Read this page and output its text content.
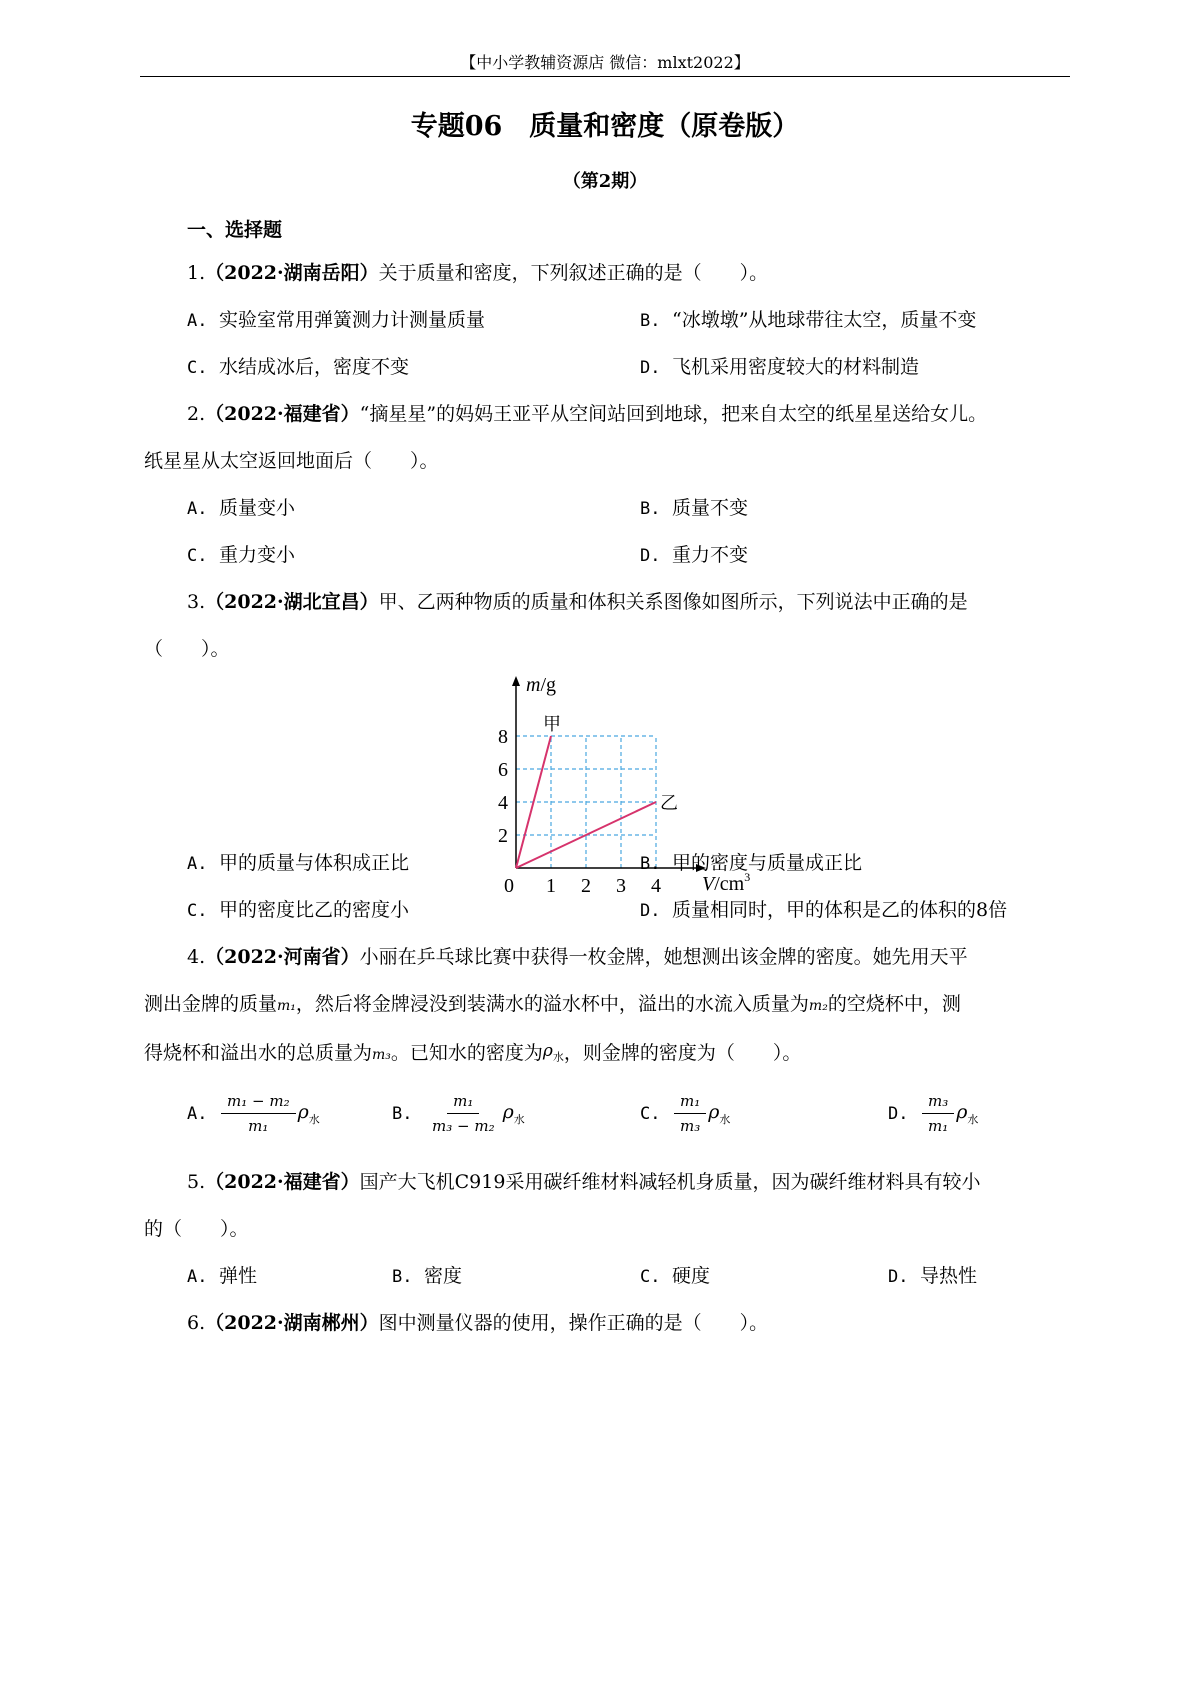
【中小学教辅资源店 微信：mlxt2022】
专题06　质量和密度（原卷版）
（第2期）
一、选择题
1.（2022·湖南岳阳）关于质量和密度，下列叙述正确的是（　　）。
A. 实验室常用弹簧测力计测量质量	B. “冰墩墩”从地球带往太空，质量不变
C. 水结成冰后，密度不变	D. 飞机采用密度较大的材料制造
2.（2022·福建省）“摘星星”的妈妈王亚平从空间站回到地球，把来自太空的纸星星送给女儿。
纸星星从太空返回地面后（　　）。
A. 质量变小	B. 质量不变
C. 重力变小	D. 重力不变
3.（2022·湖北宜昌）甲、乙两种物质的质量和体积关系图像如图所示，下列说法中正确的是
（　　）。
1 2 3 4
2
4
6
8
甲
乙
m/g
$V/cm^3$
0
A. 甲的质量与体积成正比	B. 甲的密度与质量成正比
C. 甲的密度比乙的密度小	D. 质量相同时，甲的体积是乙的体积的8倍
4.（2022·河南省）小丽在乒乓球比赛中获得一枚金牌，她想测出该金牌的密度。她先用天平
测出金牌的质量m₁，然后将金牌浸没到装满水的溢水杯中，溢出的水流入质量为m₂的空烧杯中，测
得烧杯和溢出水的总质量为m₃。已知水的密度为$\rho_水$，则金牌的密度为（　　）。
A. $\frac{\text{m₁ − m₂}}{\text{m₁}} \rho_水$	B. $\frac{\text{m₁}}{\text{m₃ − m₂}} \rho_水$	C. $\frac{\text{m₁}}{\text{m₃}} \rho_水$	D. $\frac{\text{m₃}}{\text{m₁}} \rho_水$
5.（2022·福建省）国产大飞机C919采用碳纤维材料减轻机身质量，因为碳纤维材料具有较小
的（　　）。
A. 弹性	B. 密度	C. 硬度	D. 导热性
6.（2022·湖南郴州）图中测量仪器的使用，操作正确的是（　　）。
